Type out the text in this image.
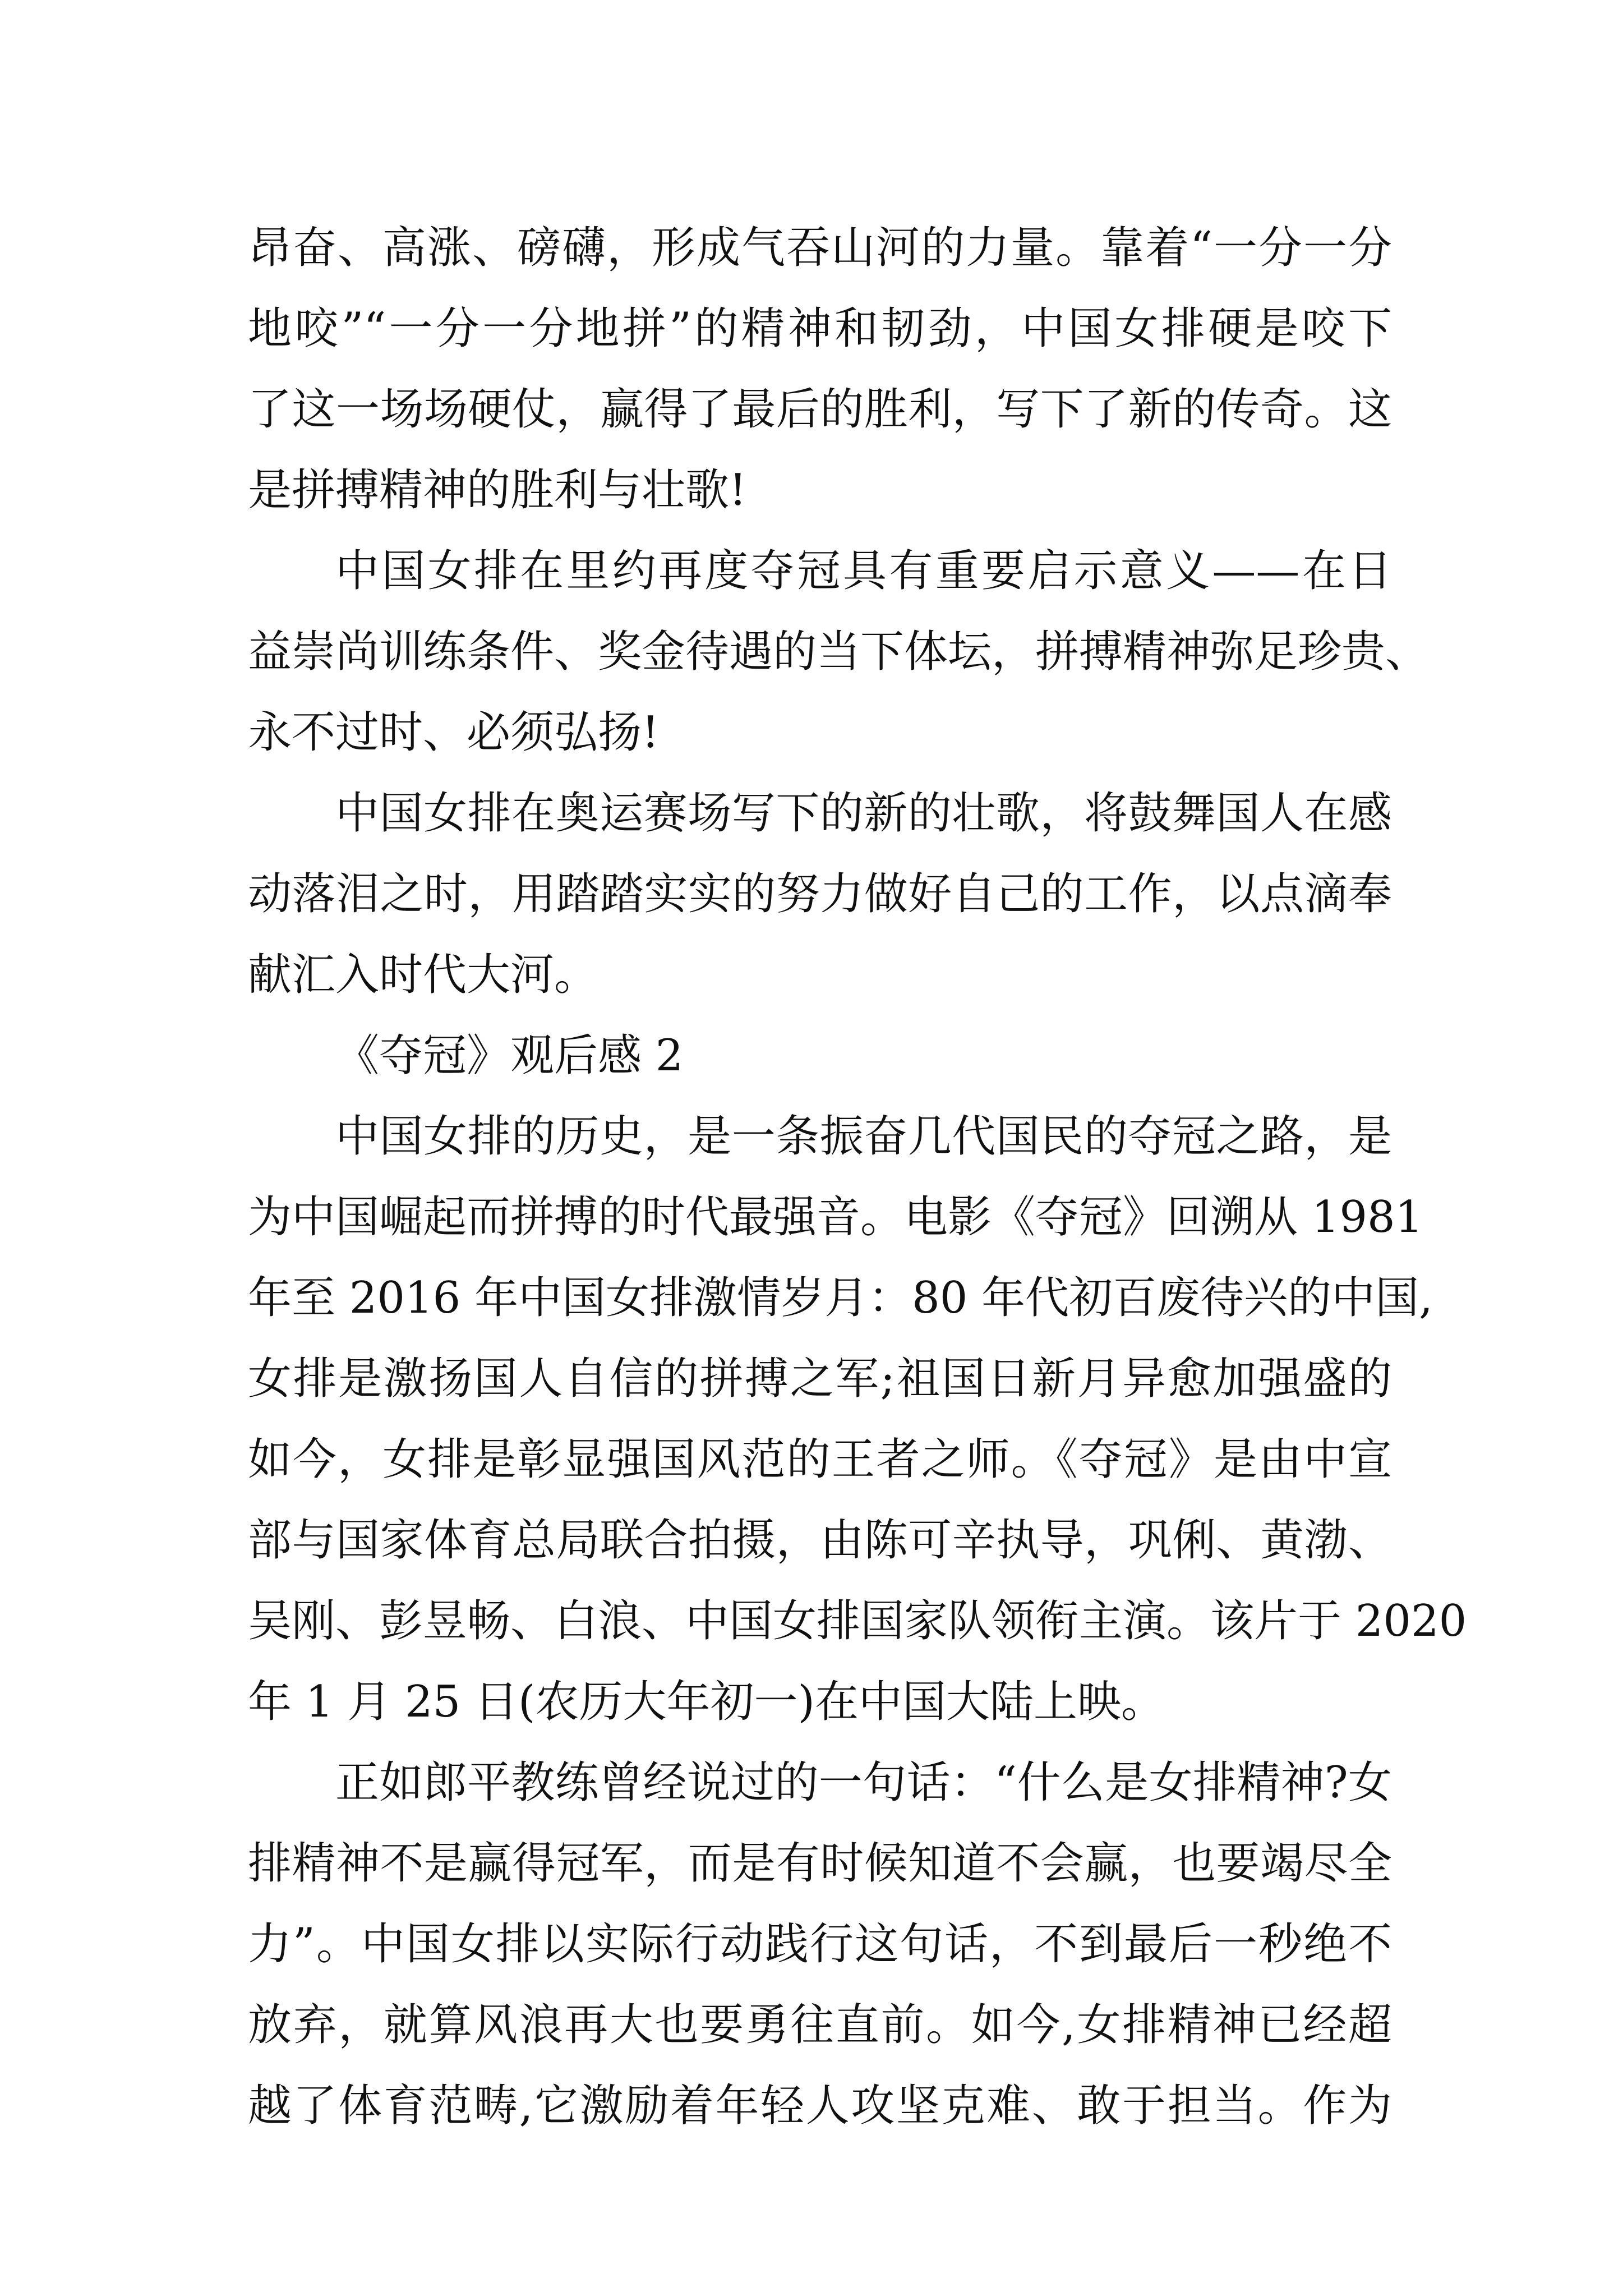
昂奋、高涨、磅礴，形成气吞山河的力量。靠着“一分一分
地咬”“一分一分地拼”的精神和韧劲，中国女排硬是咬下
了这一场场硬仗，赢得了最后的胜利，写下了新的传奇。这
是拼搏精神的胜利与壮歌!
中国女排在里约再度夺冠具有重要启示意义——在日
益崇尚训练条件、奖金待遇的当下体坛，拼搏精神弥足珍贵、
永不过时、必须弘扬!
中国女排在奥运赛场写下的新的壮歌，将鼓舞国人在感
动落泪之时，用踏踏实实的努力做好自己的工作，以点滴奉
献汇入时代大河。
《夺冠》观后感 2
中国女排的历史，是一条振奋几代国民的夺冠之路，是
为中国崛起而拼搏的时代最强音。电影《夺冠》回溯从 1981
年至 2016 年中国女排激情岁月：80 年代初百废待兴的中国,
女排是激扬国人自信的拼搏之军;祖国日新月异愈加强盛的
如今，女排是彰显强国风范的王者之师。《夺冠》是由中宣
部与国家体育总局联合拍摄，由陈可辛执导，巩俐、黄渤、
吴刚、彭昱畅、白浪、中国女排国家队领衔主演。该片于 2020
年 1 月 25 日(农历大年初一)在中国大陆上映。
正如郎平教练曾经说过的一句话：“什么是女排精神?女
排精神不是赢得冠军，而是有时候知道不会赢，也要竭尽全
力”。中国女排以实际行动践行这句话，不到最后一秒绝不
放弃，就算风浪再大也要勇往直前。如今,女排精神已经超
越了体育范畴,它激励着年轻人攻坚克难、敢于担当。作为
